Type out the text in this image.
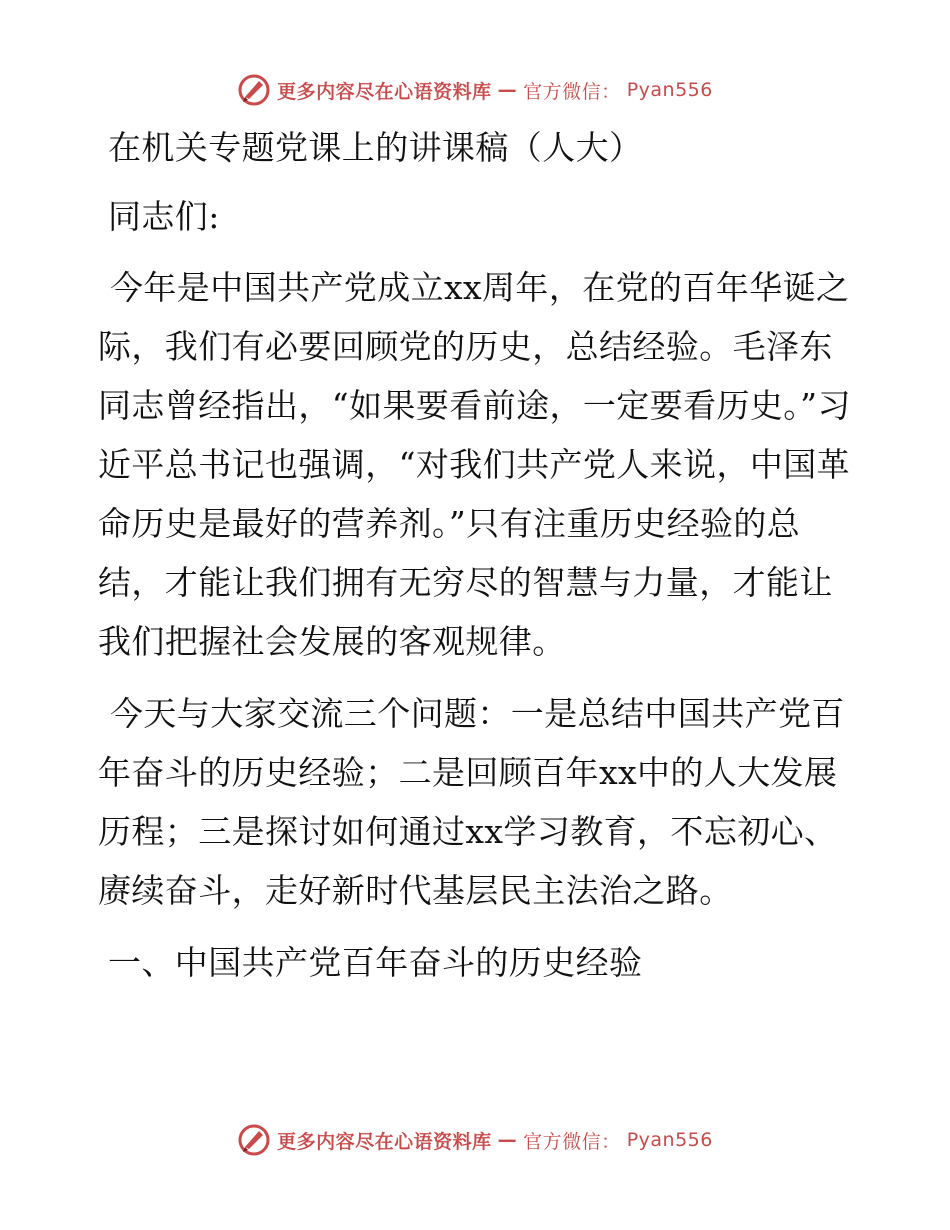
更多内容尽在心语资料库 — 官方微信： Pyan556

在机关专题党课上的讲课稿（人大）

同志们:

今年是中国共产党成立xx周年，在党的百年华诞之际，我们有必要回顾党的历史，总结经验。毛泽东同志曾经指出，“如果要看前途，一定要看历史。”习近平总书记也强调，“对我们共产党人来说，中国革命历史是最好的营养剂。”只有注重历史经验的总结，才能让我们拥有无穷尽的智慧与力量，才能让我们把握社会发展的客观规律。

今天与大家交流三个问题：一是总结中国共产党百年奋斗的历史经验；二是回顾百年xx中的人大发展历程；三是探讨如何通过xx学习教育，不忘初心、赓续奋斗，走好新时代基层民主法治之路。

一、中国共产党百年奋斗的历史经验

更多内容尽在心语资料库 — 官方微信： Pyan556
